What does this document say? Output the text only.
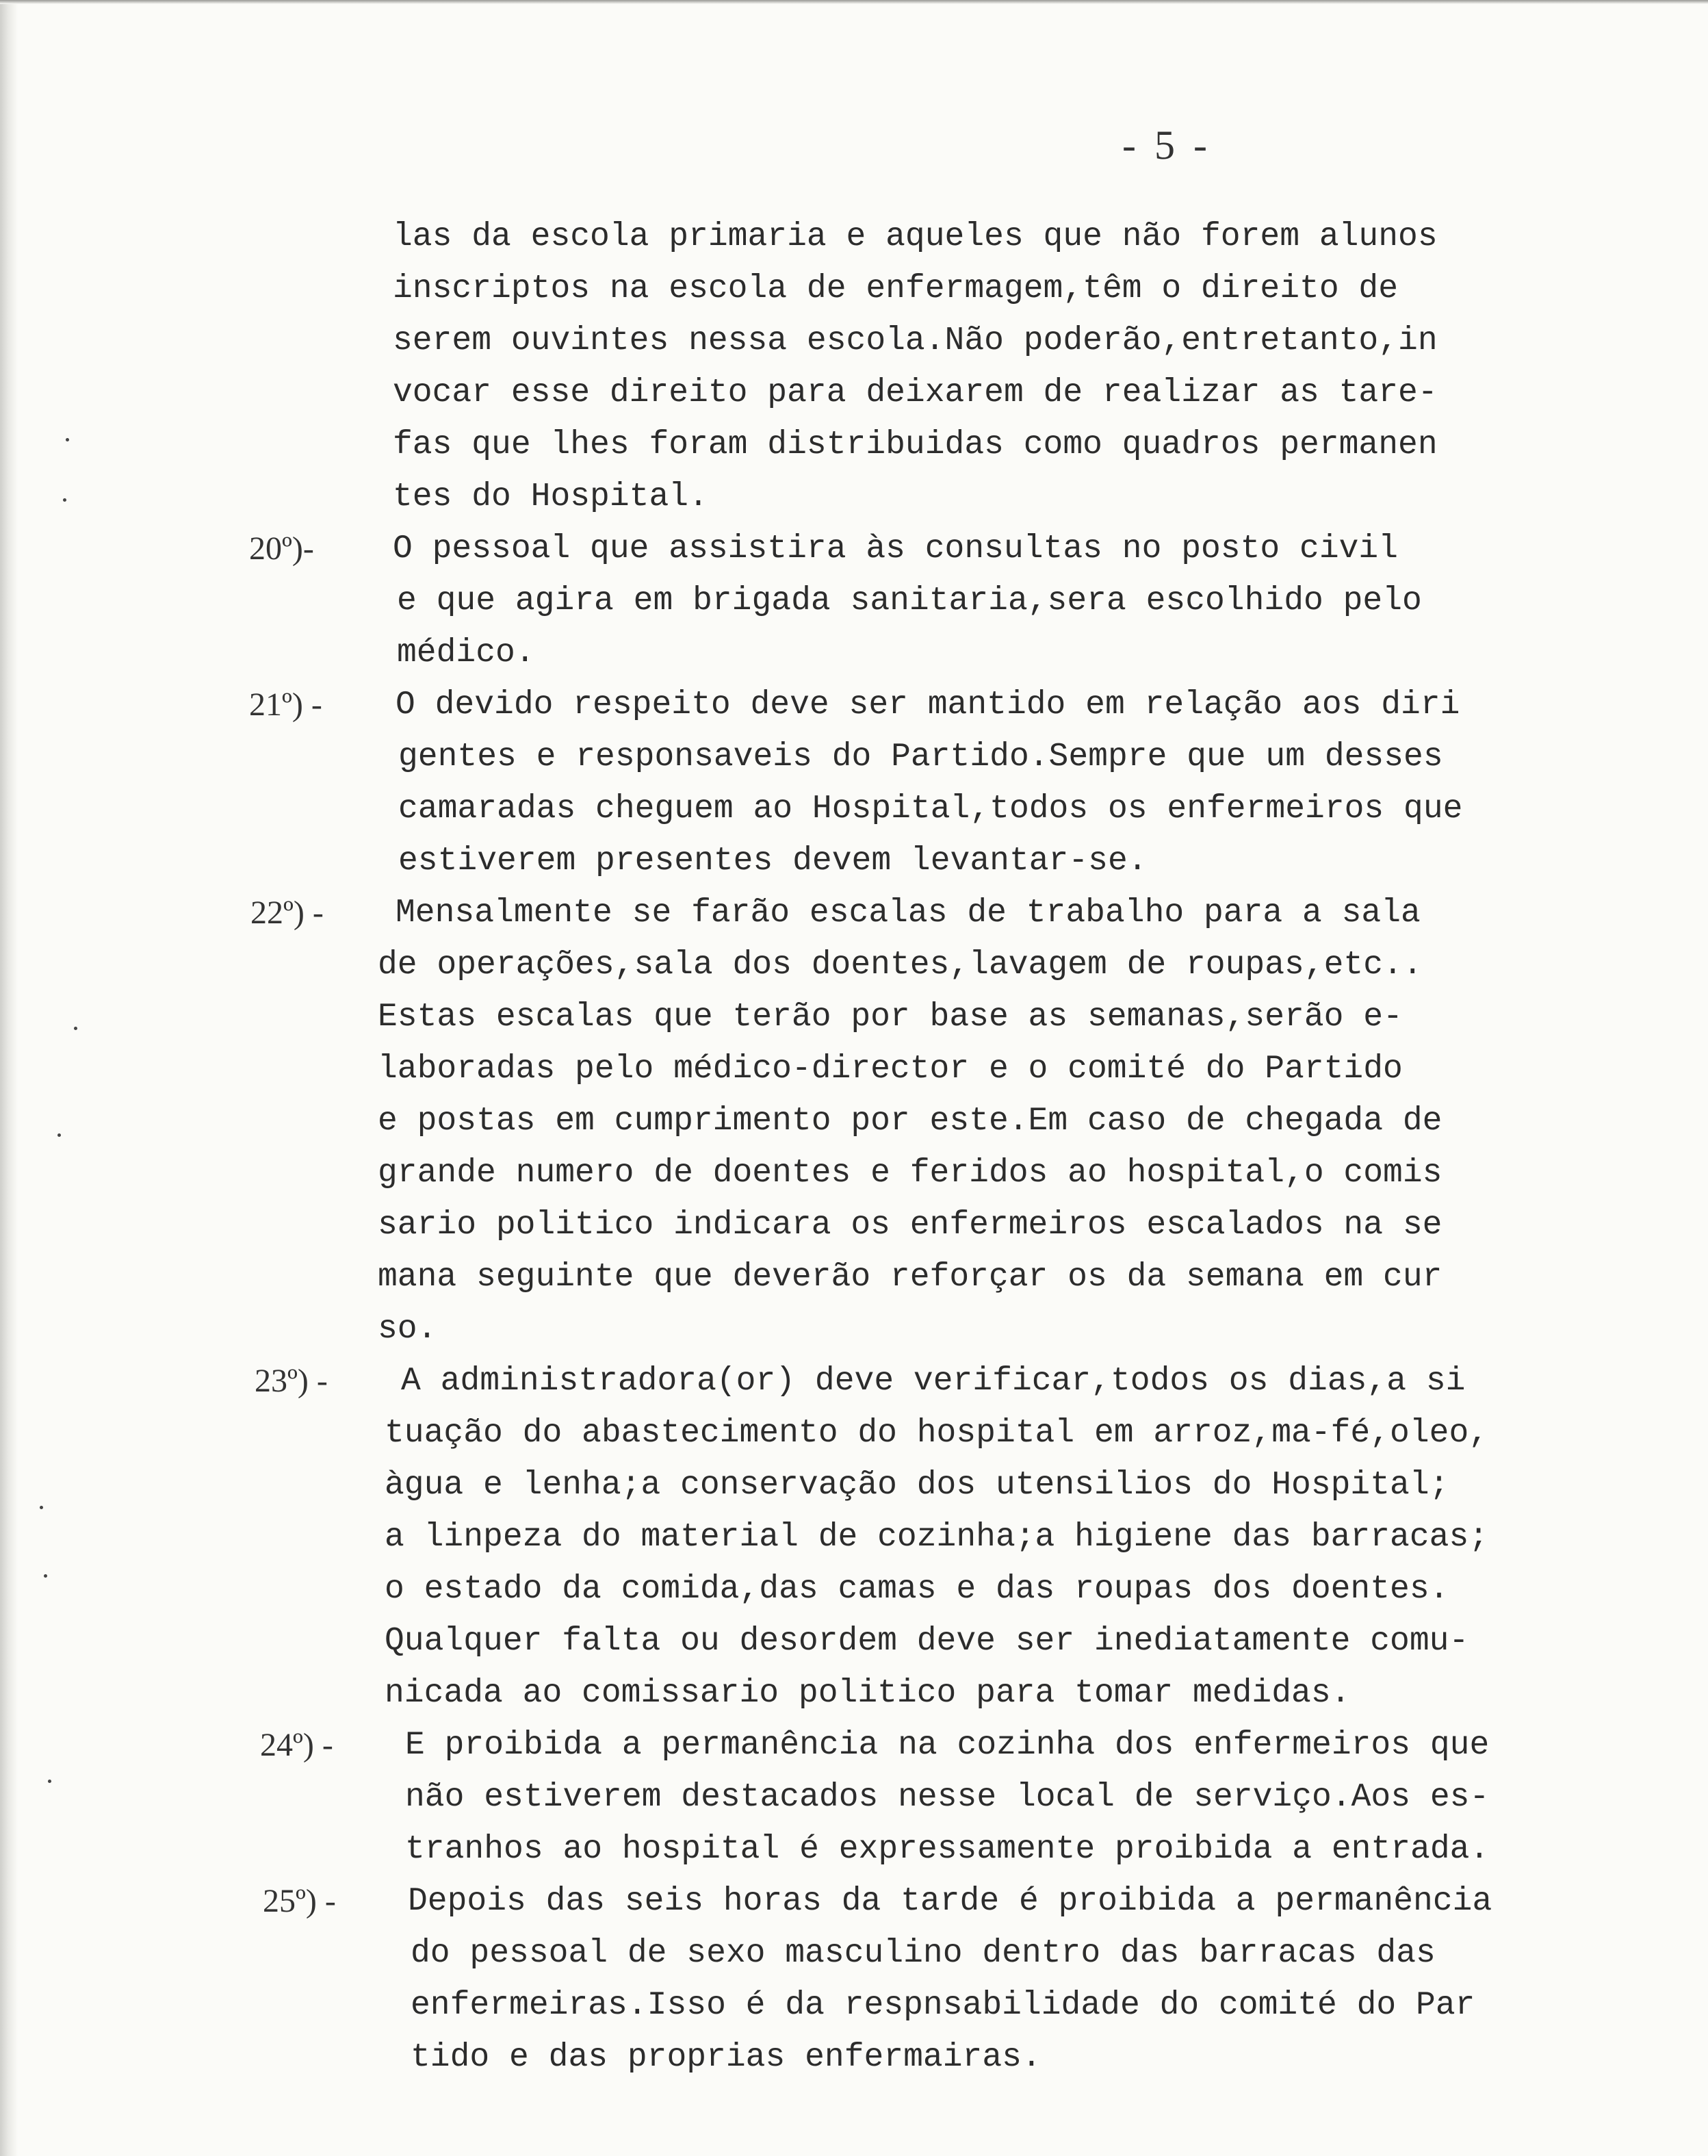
- 5 -
las da escola primaria e aqueles que não forem alunos
inscriptos na escola de enfermagem,têm o direito de
serem ouvintes nessa escola.Não poderão,entretanto,in
vocar esse direito para deixarem de realizar as tare-
fas que lhes foram distribuidas como quadros permanen
tes do Hospital.
20º)- O pessoal que assistira às consultas no posto civil
e que agira em brigada sanitaria,sera escolhido pelo
médico.
21º) - O devido respeito deve ser mantido em relação aos diri
gentes e responsaveis do Partido.Sempre que um desses
camaradas cheguem ao Hospital,todos os enfermeiros que
estiverem presentes devem levantar-se.
22º) - Mensalmente se farão escalas de trabalho para a sala
de operações,sala dos doentes,lavagem de roupas,etc..
Estas escalas que terão por base as semanas,serão e-
laboradas pelo médico-director e o comité do Partido
e postas em cumprimento por este.Em caso de chegada de
grande numero de doentes e feridos ao hospital,o comis
sario politico indicara os enfermeiros escalados na se
mana seguinte que deverão reforçar os da semana em cur
so.
23º) - A administradora(or) deve verificar,todos os dias,a si
tuação do abastecimento do hospital em arroz,ma-fé,oleo,
àgua e lenha;a conservação dos utensilios do Hospital;
a linpeza do material de cozinha;a higiene das barracas;
o estado da comida,das camas e das roupas dos doentes.
Qualquer falta ou desordem deve ser inediatamente comu-
nicada ao comissario politico para tomar medidas.
24º) - E proibida a permanência na cozinha dos enfermeiros que
não estiverem destacados nesse local de serviço.Aos es-
tranhos ao hospital é expressamente proibida a entrada.
25º) - Depois das seis horas da tarde é proibida a permanência
do pessoal de sexo masculino dentro das barracas das
enfermeiras.Isso é da respnsabilidade do comité do Par
tido e das proprias enfermairas.
